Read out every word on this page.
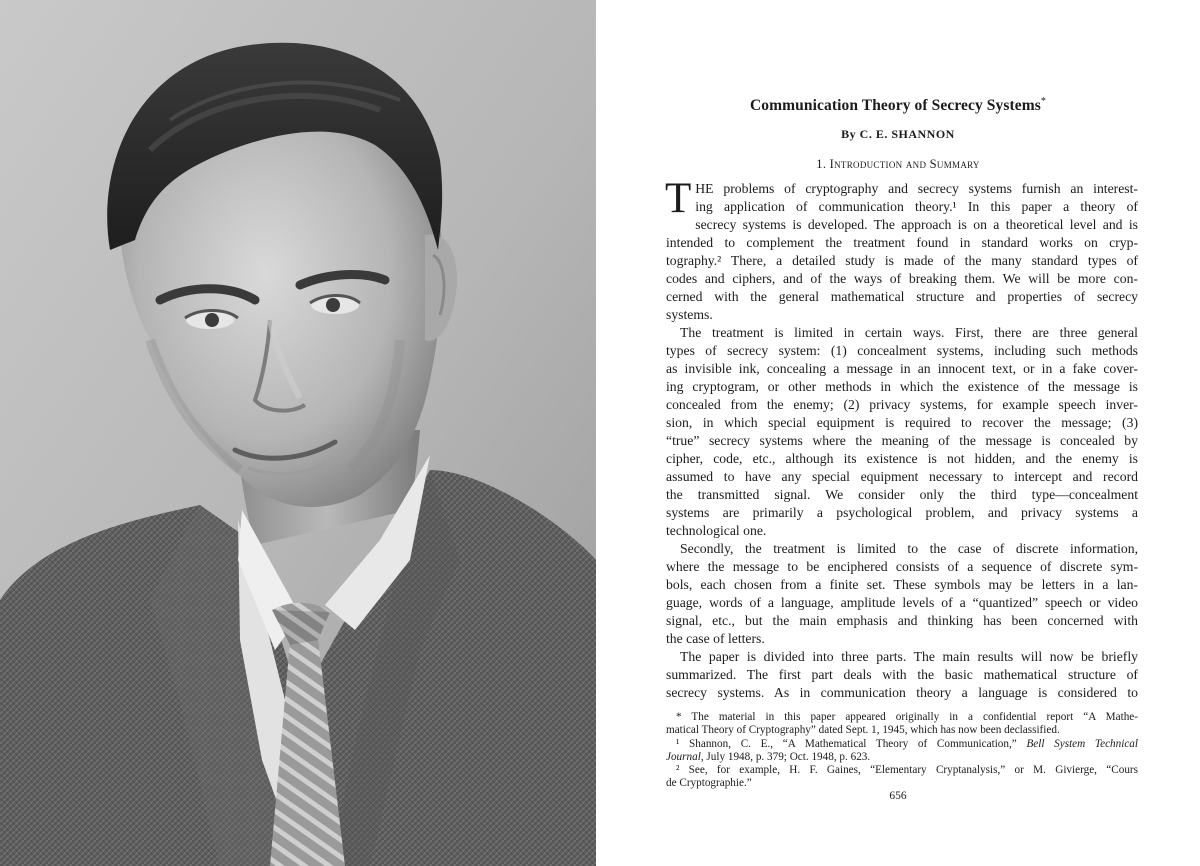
Communication Theory of Secrecy Systems*
By C. E. SHANNON
1. Introduction and Summary
T HE problems of cryptography and secrecy systems furnish an interest-
ing application of communication theory.¹ In this paper a theory of
secrecy systems is developed. The approach is on a theoretical level and is
intended to complement the treatment found in standard works on cryp-
tography.² There, a detailed study is made of the many standard types of
codes and ciphers, and of the ways of breaking them. We will be more con-
cerned with the general mathematical structure and properties of secrecy
systems.
The treatment is limited in certain ways. First, there are three general
types of secrecy system: (1) concealment systems, including such methods
as invisible ink, concealing a message in an innocent text, or in a fake cover-
ing cryptogram, or other methods in which the existence of the message is
concealed from the enemy; (2) privacy systems, for example speech inver-
sion, in which special equipment is required to recover the message; (3)
“true” secrecy systems where the meaning of the message is concealed by
cipher, code, etc., although its existence is not hidden, and the enemy is
assumed to have any special equipment necessary to intercept and record
the transmitted signal. We consider only the third type—concealment
systems are primarily a psychological problem, and privacy systems a
technological one.
Secondly, the treatment is limited to the case of discrete information,
where the message to be enciphered consists of a sequence of discrete sym-
bols, each chosen from a finite set. These symbols may be letters in a lan-
guage, words of a language, amplitude levels of a “quantized” speech or video
signal, etc., but the main emphasis and thinking has been concerned with
the case of letters.
The paper is divided into three parts. The main results will now be briefly
summarized. The first part deals with the basic mathematical structure of
secrecy systems. As in communication theory a language is considered to
* The material in this paper appeared originally in a confidential report “A Mathe-
matical Theory of Cryptography” dated Sept. 1, 1945, which has now been declassified.
¹ Shannon, C. E., “A Mathematical Theory of Communication,” Bell System Technical
Journal, July 1948, p. 379; Oct. 1948, p. 623.
² See, for example, H. F. Gaines, “Elementary Cryptanalysis,” or M. Givierge, “Cours
de Cryptographie.”
656
